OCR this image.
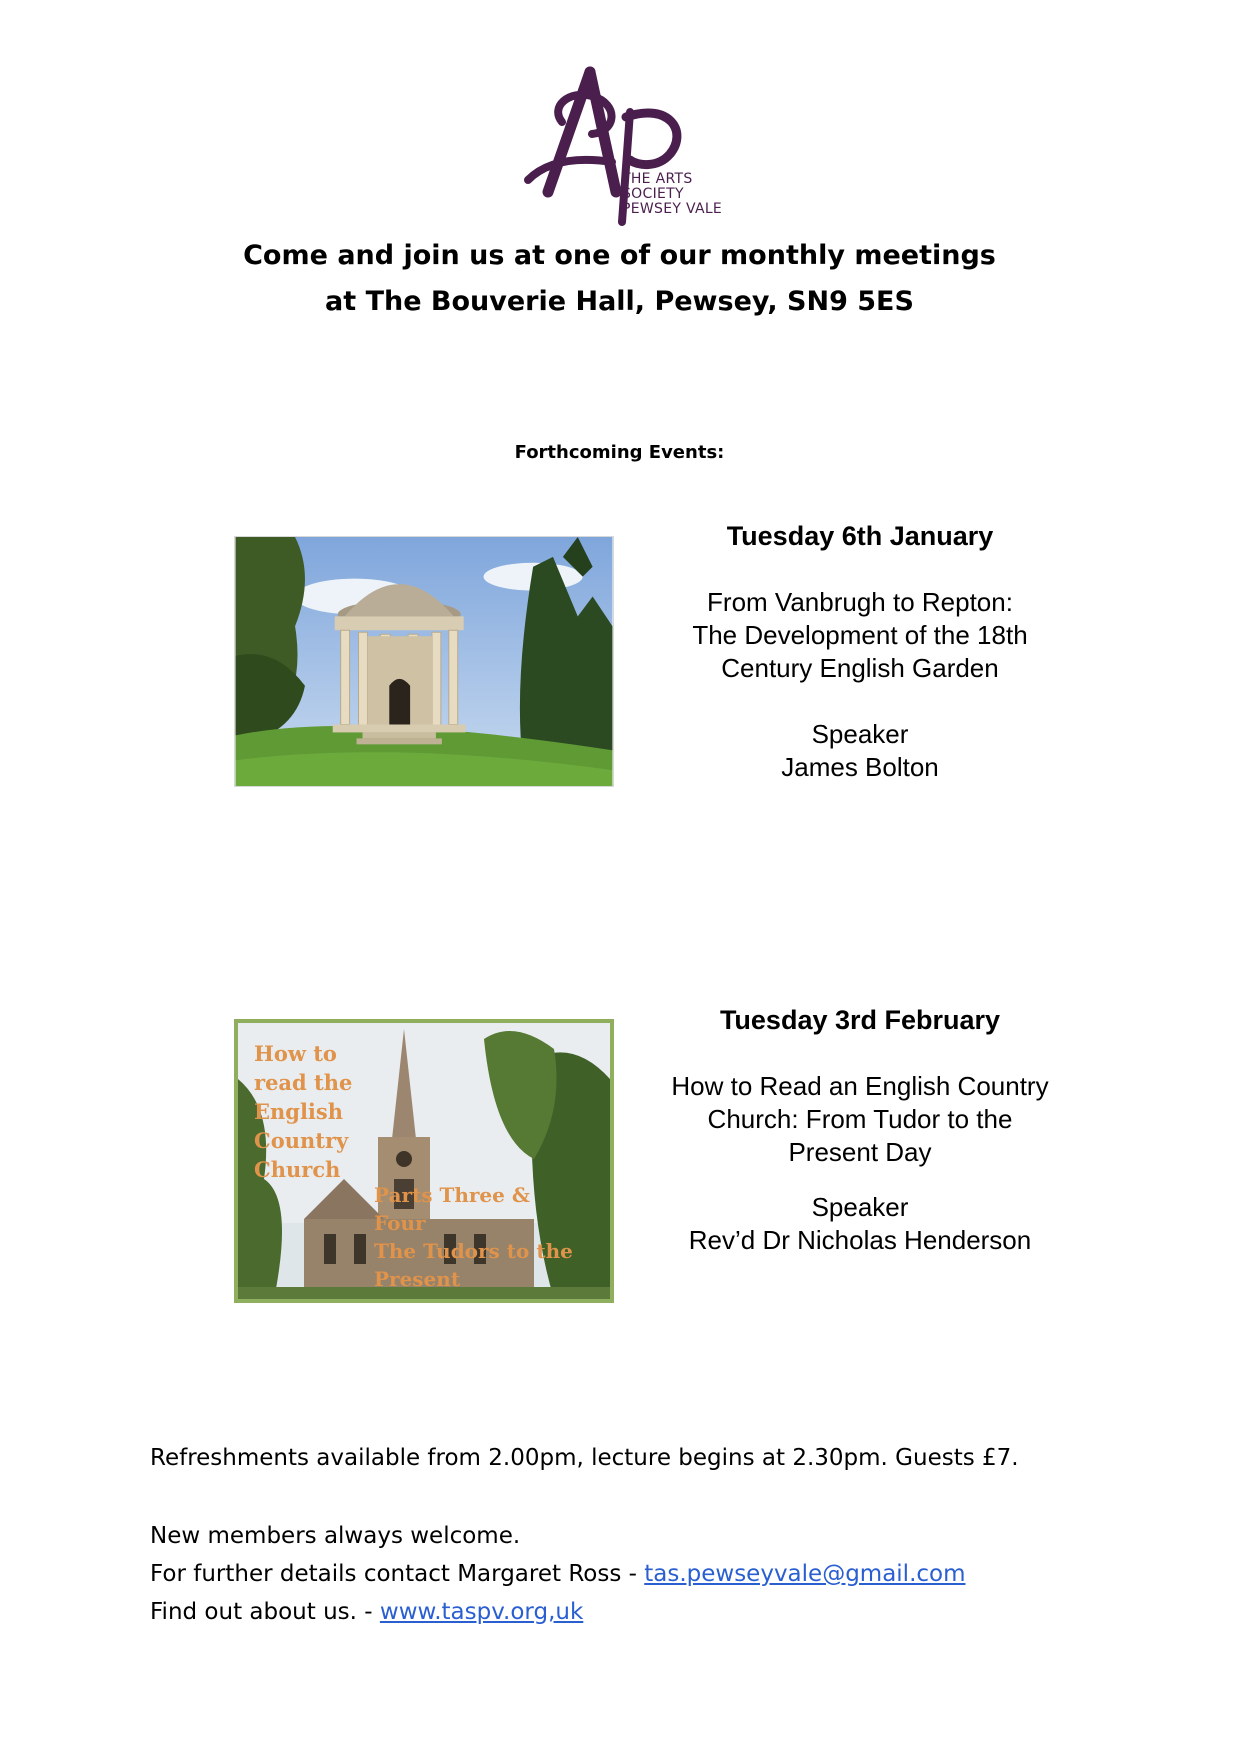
THE ARTS
SOCIETY
PEWSEY VALE
Come and join us at one of our monthly meetings
at The Bouverie Hall, Pewsey, SN9 5ES
Forthcoming Events:
Tuesday 6th January
From Vanbrugh to Repton:
The Development of the 18th
Century English Garden
Speaker
James Bolton
How to
read the
English
Country
Church
Parts Three &
Four
The Tudors to the
Present
Tuesday 3rd February
How to Read an English Country
Church: From Tudor to the
Present Day
Speaker
Rev’d Dr Nicholas Henderson
Refreshments available from 2.00pm, lecture begins at 2.30pm. Guests £7.
New members always welcome.
For further details contact Margaret Ross - tas.pewseyvale@gmail.com
Find out about us. - www.taspv.org,uk
